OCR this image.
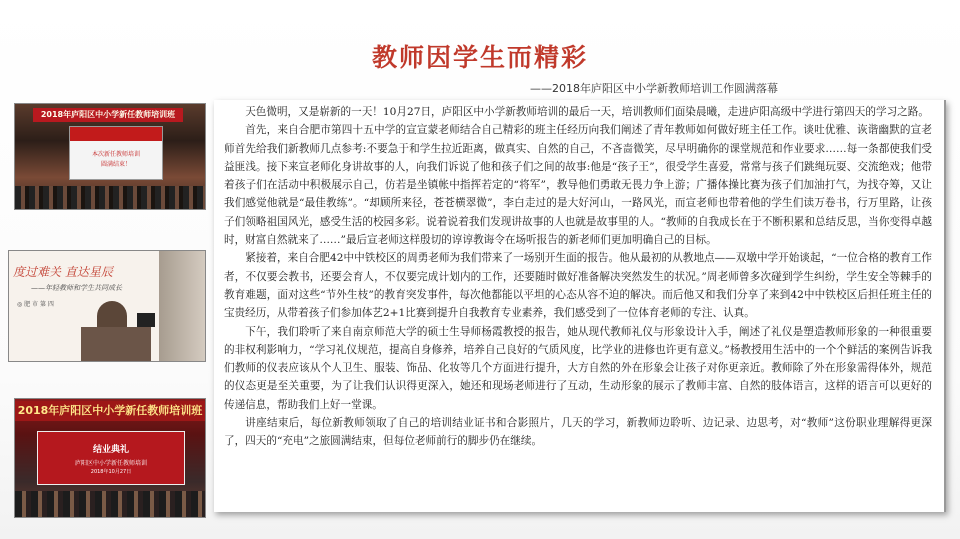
教师因学生而精彩
——2018年庐阳区中小学新教师培训工作圆满落幕
2018年庐阳区中小学新任教师培训班
本次新任教师培训
圆满结束！
度过难关 直达星辰
——年轻教师和学生共同成长
◎ 肥 市 第 四
2018年庐阳区中小学新任教师培训班
结业典礼
庐阳区中小学新任教师培训
2018年10月27日

天色微明，又是崭新的一天！10月27日，庐阳区中小学新教师培训的最后一天，培训教师们面染晨曦，走进庐阳高级中学进行第四天的学习之路。

首先，来自合肥市第四十五中学的宣宣蒙老师结合自己精彩的班主任经历向我们阐述了青年教师如何做好班主任工作。谈吐优雅、诙谐幽默的宣老师首先给我们新教师几点参考:不要急于和学生拉近距离，做真实、自然的自己，不吝啬微笑，尽早明确你的课堂规范和作业要求……每一条都使我们受益匪浅。接下来宣老师化身讲故事的人，向我们诉说了他和孩子们之间的故事:他是“孩子王”，很受学生喜爱，常常与孩子们跳绳玩耍、交流绝戏；他带着孩子们在活动中积极展示自己，仿若是坐镇帐中指挥若定的“将军”，教导他们勇敢无畏力争上游；广播体操比赛为孩子们加油打气，为找夺筹，又让我们感觉他就是“最佳教练”。“却顾所来径，苍苍横翠微”，李白走过的是大好河山，一路风光，而宣老师也带着他的学生们读万卷书，行万里路，让孩子们领略祖国风光，感受生活的校园多彩。说着说着我们发现讲故事的人也就是故事里的人。“教师的自我成长在于不断积累和总结反思，当你变得卓越时，财富自然就来了……”最后宣老师这样殷切的谆谆教诲令在场听报告的新老师们更加明确自己的目标。

紧接着，来自合肥42中中铁校区的周勇老师为我们带来了一场别开生面的报告。他从最初的从教地点——双墩中学开始谈起，“一位合格的教育工作者，不仅要会教书，还要会育人，不仅要完成计划内的工作，还要随时做好准备解决突然发生的状况。”周老师曾多次碰到学生纠纷，学生安全等棘手的教育难题，面对这些“节外生枝”的教育突发事件，每次他都能以平坦的心态从容不迫的解决。而后他又和我们分享了来到42中中铁校区后担任班主任的宝贵经历，从带着孩子们参加体艺2+1比赛到提升自我教育专业素养，我们感受到了一位体育老师的专注、认真。

下午，我们聆听了来自南京师范大学的硕士生导师杨霞教授的报告，她从现代教师礼仪与形象设计入手，阐述了礼仪是塑造教师形象的一种很重要的非权利影响力，“学习礼仪规范，提高自身修养，培养自己良好的气质风度，比学业的进修也许更有意义。”杨教授用生活中的一个个鲜活的案例告诉我们教师的仪表应该从个人卫生、服装、饰品、化妆等几个方面进行提升，大方自然的外在形象会让孩子对你更亲近。教师除了外在形象需得体外，规范的仪态更是至关重要，为了让我们认识得更深入，她还和现场老师进行了互动，生动形象的展示了教师丰富、自然的肢体语言，这样的语言可以更好的传递信息，帮助我们上好一堂课。

讲座结束后，每位新教师领取了自己的培训结业证书和合影照片，几天的学习，新教师边聆听、边记录、边思考，对“教师”这份职业理解得更深了，四天的“充电”之旅圆满结束，但每位老师前行的脚步仍在继续。
